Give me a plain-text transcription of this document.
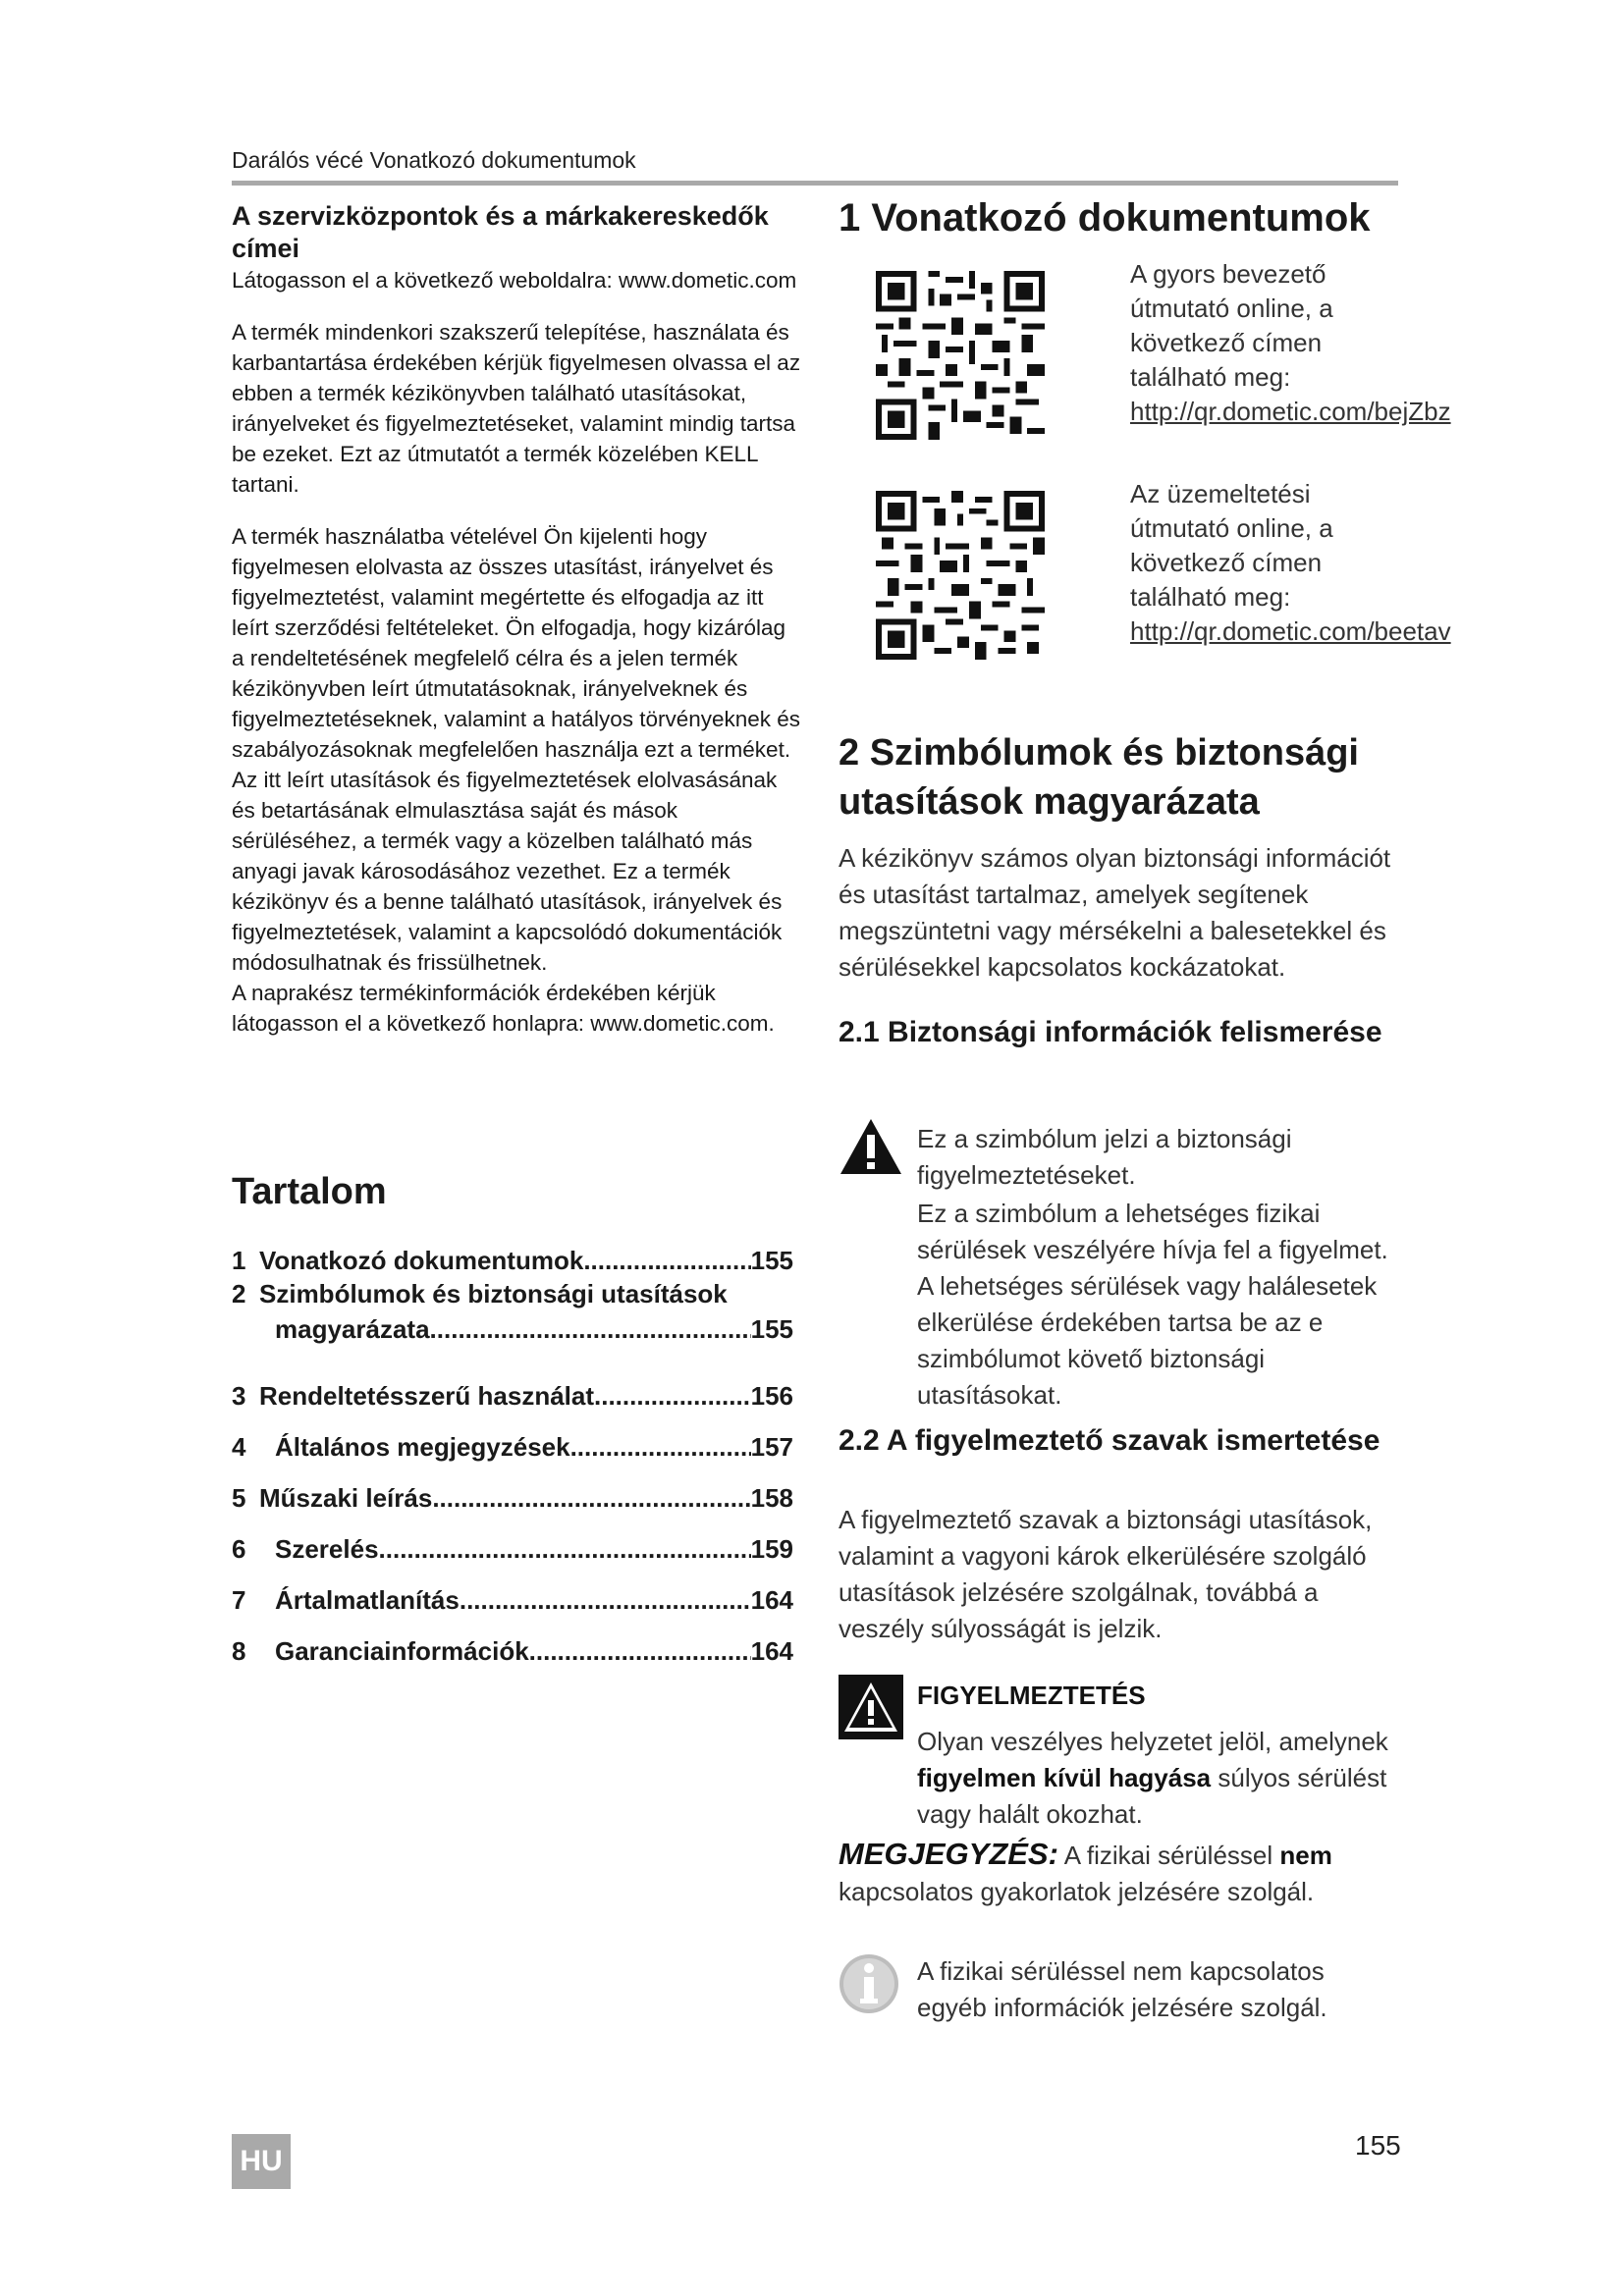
Darálós vécé Vonatkozó dokumentumok
A szervizközpontok és a márkakereskedők címei

Látogasson el a következő weboldalra: www.dometic.com

A termék mindenkori szakszerű telepítése, használata és karbantartása érdekében kérjük figyelmesen olvassa el az ebben a termék kézikönyvben található utasításokat, irányelveket és figyelmeztetéseket, valamint mindig tartsa be ezeket. Ezt az útmutatót a termék közelében KELL tartani.

A termék használatba vételével Ön kijelenti hogy figyelmesen elolvasta az összes utasítást, irányelvet és figyelmeztetést, valamint megértette és elfogadja az itt leírt szerződési feltételeket. Ön elfogadja, hogy kizárólag a rendeltetésének megfelelő célra és a jelen termék kézikönyvben leírt útmutatásoknak, irányelveknek és figyelmeztetéseknek, valamint a hatályos törvényeknek és szabályozásoknak megfelelően használja ezt a terméket. Az itt leírt utasítások és figyelmeztetések elolvasásának és betartásának elmulasztása saját és mások sérüléséhez, a termék vagy a közelben található más anyagi javak károsodásához vezethet. Ez a termék kézikönyv és a benne található utasítások, irányelvek és figyelmeztetések, valamint a kapcsolódó dokumentációk módosulhatnak és frissülhetnek.

A naprakész termékinformációk érdekében kérjük látogasson el a következő honlapra: www.dometic.com.

Tartalom
1 Vonatkozó dokumentumok .....	155
2 Szimbólumok és biztonsági utasítások
magyarázata .....	155
3 Rendeltetésszerű használat .....	156
4	Általános megjegyzések .....	157
5 Műszaki leírás .....	158
6	Szerelés .....	159
7	Ártalmatlanítás .....	164
8	Garanciainformációk .....	164
1 Vonatkozó dokumentumok
A gyors bevezető útmutató online, a következő címen található meg:
http://qr.dometic.com/bejZbz
Az üzemeltetési útmutató online, a következő címen található meg:
http://qr.dometic.com/beetav
2 Szimbólumok és biztonsági utasítások magyarázata
A kézikönyv számos olyan biztonsági információt és utasítást tartalmaz, amelyek segítenek megszüntetni vagy mérsékelni a balesetekkel és sérülésekkel kapcsolatos kockázatokat.
2.1 Biztonsági információk felismerése
Ez a szimbólum jelzi a biztonsági figyelmeztetéseket.
Ez a szimbólum a lehetséges fizikai sérülések veszélyére hívja fel a figyelmet. A lehetséges sérülések vagy halálesetek elkerülése érdekében tartsa be az e szimbólumot követő biztonsági utasításokat.
2.2 A figyelmeztető szavak ismertetése
A figyelmeztető szavak a biztonsági utasítások, valamint a vagyoni károk elkerülésére szolgáló utasítások jelzésére szolgálnak, továbbá a veszély súlyosságát is jelzik.
FIGYELMEZTETÉS
Olyan veszélyes helyzetet jelöl, amelynek figyelmen kívül hagyása súlyos sérülést vagy halált okozhat.
MEGJEGYZÉS: A fizikai sérüléssel nem kapcsolatos gyakorlatok jelzésére szolgál.
A fizikai sérüléssel nem kapcsolatos egyéb információk jelzésére szolgál.
HU	155
